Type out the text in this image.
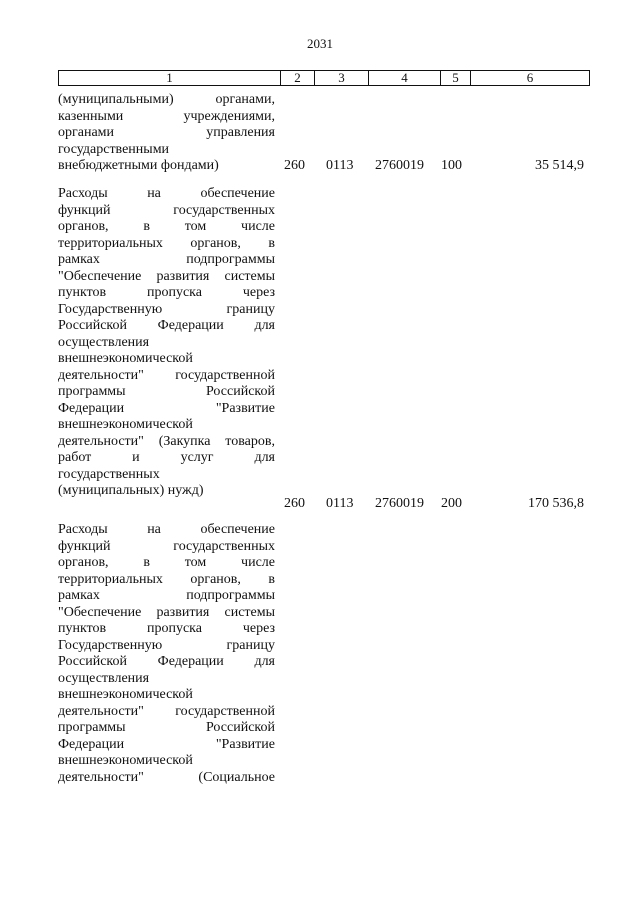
2031
1	2	3	4	5	6
(муниципальными) органами,
казенными учреждениями,
органами управления
государственными
внебюджетными фондами)	260	0113	2760019	100	35 514,9
Расходы на обеспечение
функций государственных
органов, в том числе
территориальных органов, в
рамках подпрограммы
"Обеспечение развития системы
пунктов пропуска через
Государственную границу
Российской Федерации для
осуществления
внешнеэкономической
деятельности" государственной
программы Российской
Федерации "Развитие
внешнеэкономической
деятельности" (Закупка товаров,
работ и услуг для
государственных
(муниципальных) нужд)
260	0113	2760019	200	170 536,8
Расходы на обеспечение
функций государственных
органов, в том числе
территориальных органов, в
рамках подпрограммы
"Обеспечение развития системы
пунктов пропуска через
Государственную границу
Российской Федерации для
осуществления
внешнеэкономической
деятельности" государственной
программы Российской
Федерации "Развитие
внешнеэкономической
деятельности" (Социальное
